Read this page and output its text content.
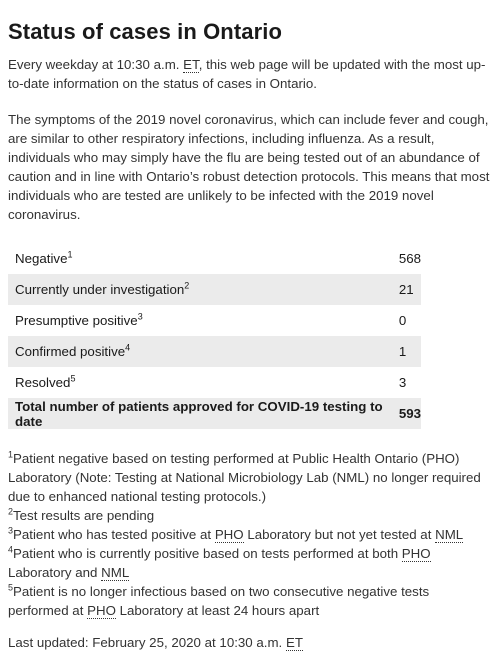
Status of cases in Ontario

Every weekday at 10:30 a.m. ET, this web page will be updated with the most up-to-date information on the status of cases in Ontario.

The symptoms of the 2019 novel coronavirus, which can include fever and cough, are similar to other respiratory infections, including influenza. As a result, individuals who may simply have the flu are being tested out of an abundance of caution and in line with Ontario’s robust detection protocols. This means that most individuals who are tested are unlikely to be infected with the 2019 novel coronavirus.

Negative$^1$	568
Currently under investigation$^2$	21
Presumptive positive$^3$	0
Confirmed positive$^4$	1
Resolved$^5$	3
Total number of patients approved for COVID-19 testing to date	593

$^1$Patient negative based on testing performed at Public Health Ontario (PHO) Laboratory (Note: Testing at National Microbiology Lab (NML) no longer required due to enhanced national testing protocols.)

$^2$Test results are pending

$^3$Patient who has tested positive at PHO Laboratory but not yet tested at NML

$^4$Patient who is currently positive based on tests performed at both PHO Laboratory and NML

$^5$Patient is no longer infectious based on two consecutive negative tests performed at PHO Laboratory at least 24 hours apart

Last updated: February 25, 2020 at 10:30 a.m. ET
